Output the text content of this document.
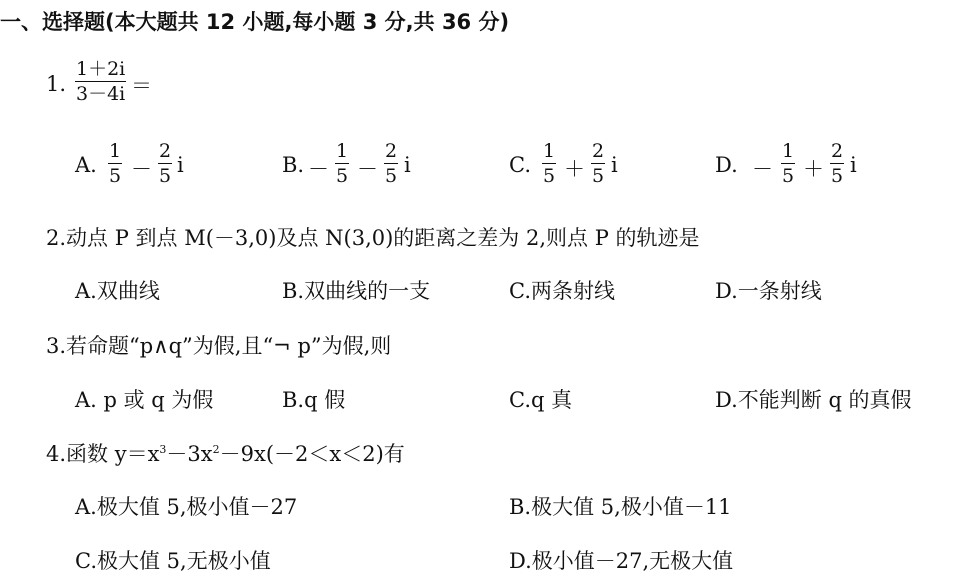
一、选择题(本大题共 12 小题,每小题 3 分,共 36 分)
1.
1＋2i
3－4i ＝
A.
1
5 －
2
5 i	B. －
1
5 －
2
5 i	C.
1
5 ＋
2
5 i	D. －
1
5 ＋
2
5 i
2.动点 P 到点 M(－3,0)及点 N(3,0)的距离之差为 2,则点 P 的轨迹是
A.双曲线	B.双曲线的一支	C.两条射线	D.一条射线
3.若命题“p∧q”为假,且“¬ p”为假,则
A. p 或 q 为假	B.q 假	C.q 真	D.不能判断 q 的真假
4.函数 $y=x^3-3x^2-9x(-2<x<2)$有
A.极大值 5,极小值－27	B.极大值 5,极小值－11
C.极大值 5,无极小值	D.极小值－27,无极大值
